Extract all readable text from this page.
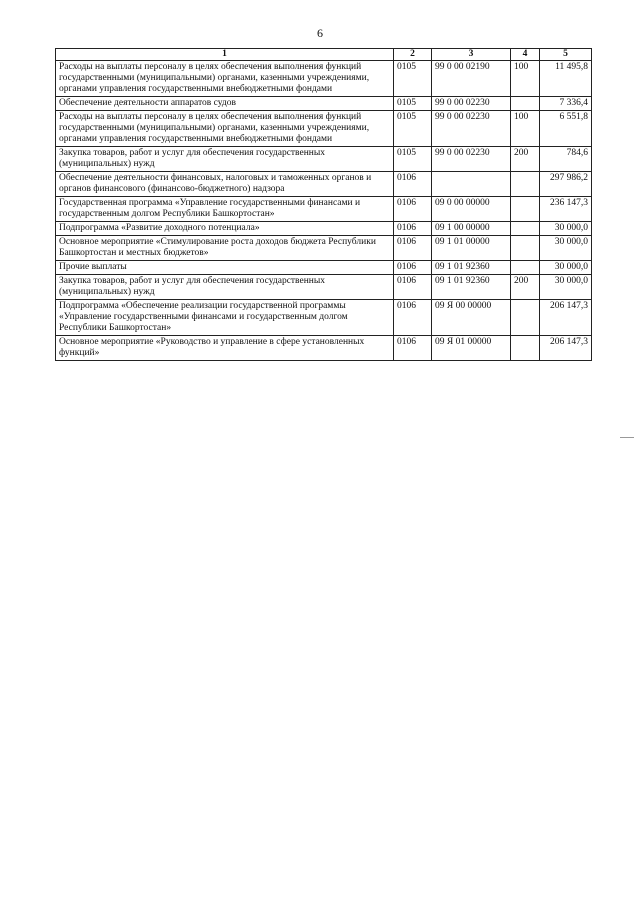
6
1	2	3	4	5
Расходы на выплаты персоналу в целях обеспечения выполнения функций государственными (муниципальными) органами, казенными учреждениями, органами управления государственными внебюджетными фондами	0105	99 0 00 02190	100	11 495,8
Обеспечение деятельности аппаратов судов	0105	99 0 00 02230		7 336,4
Расходы на выплаты персоналу в целях обеспечения выполнения функций государственными (муниципальными) органами, казенными учреждениями, органами управления государственными внебюджетными фондами	0105	99 0 00 02230	100	6 551,8
Закупка товаров, работ и услуг для обеспечения государственных (муниципальных) нужд	0105	99 0 00 02230	200	784,6
Обеспечение деятельности финансовых, налоговых и таможенных органов и органов финансового (финансово-бюджетного) надзора	0106			297 986,2
Государственная программа «Управление государственными финансами и государственным долгом Республики Башкортостан»	0106	09 0 00 00000		236 147,3
Подпрограмма «Развитие доходного потенциала»	0106	09 1 00 00000		30 000,0
Основное мероприятие «Стимулирование роста доходов бюджета Республики Башкортостан и местных бюджетов»	0106	09 1 01 00000		30 000,0
Прочие выплаты	0106	09 1 01 92360		30 000,0
Закупка товаров, работ и услуг для обеспечения государственных (муниципальных) нужд	0106	09 1 01 92360	200	30 000,0
Подпрограмма «Обеспечение реализации государственной программы «Управление государственными финансами и государственным долгом Республики Башкортостан»	0106	09 Я 00 00000		206 147,3
Основное мероприятие «Руководство и управление в сфере установленных функций»	0106	09 Я 01 00000		206 147,3
